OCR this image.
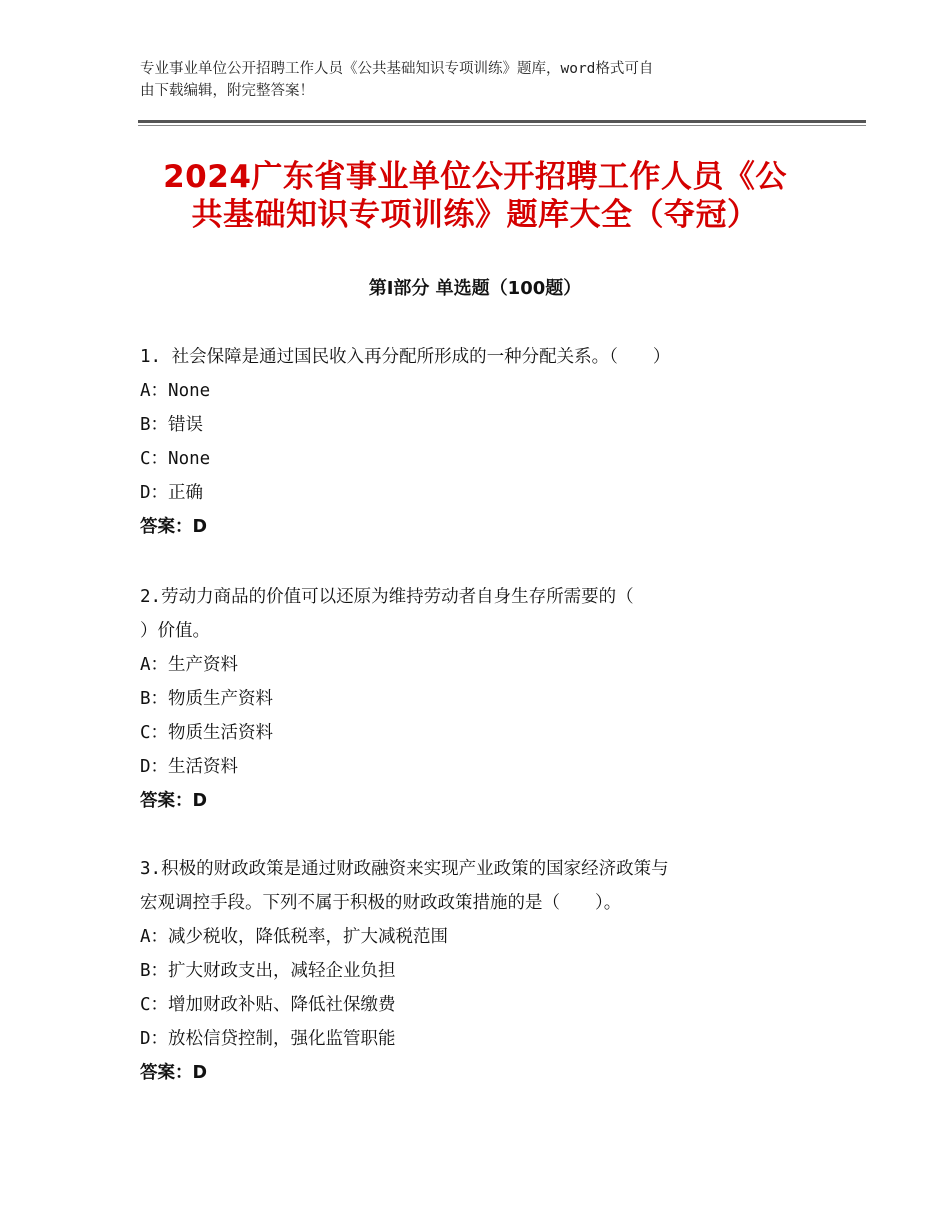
专业事业单位公开招聘工作人员《公共基础知识专项训练》题库，word格式可自
由下载编辑，附完整答案！
2024广东省事业单位公开招聘工作人员《公
共基础知识专项训练》题库大全（夺冠）
第Ⅰ部分 单选题（100题）
1. 社会保障是通过国民收入再分配所形成的一种分配关系。（　　）
A：None
B：错误
C：None
D：正确
答案：D
2.劳动力商品的价值可以还原为维持劳动者自身生存所需要的（
）价值。
A：生产资料
B：物质生产资料
C：物质生活资料
D：生活资料
答案：D
3.积极的财政政策是通过财政融资来实现产业政策的国家经济政策与
宏观调控手段。下列不属于积极的财政政策措施的是（　　）。
A：减少税收，降低税率，扩大减税范围
B：扩大财政支出，减轻企业负担
C：增加财政补贴、降低社保缴费
D：放松信贷控制，强化监管职能
答案：D
